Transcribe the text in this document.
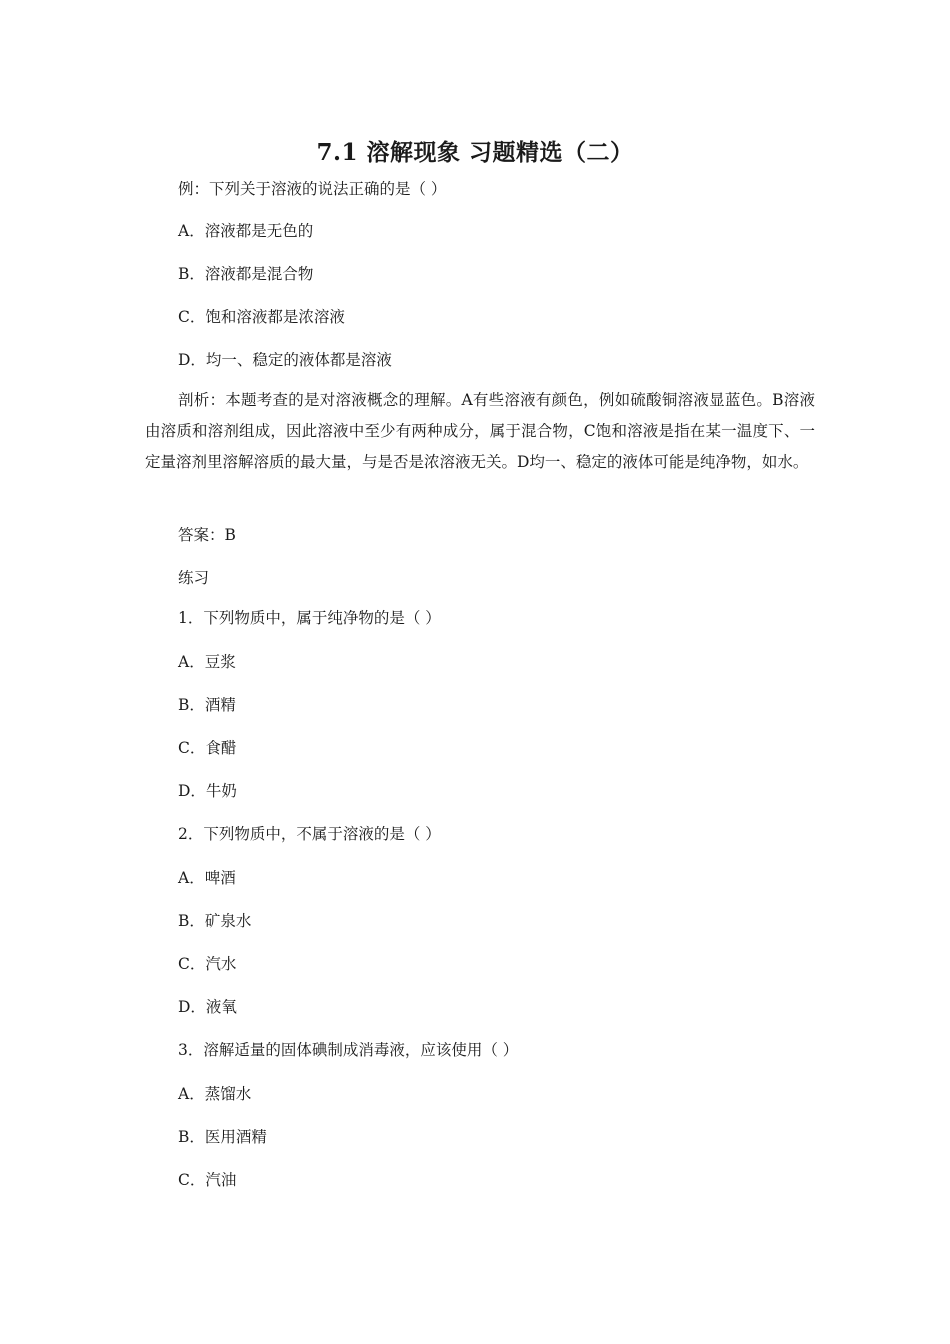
7.1 溶解现象 习题精选（二）
例：下列关于溶液的说法正确的是（ ）
A．溶液都是无色的
B．溶液都是混合物
C．饱和溶液都是浓溶液
D．均一、稳定的液体都是溶液
剖析：本题考查的是对溶液概念的理解。A有些溶液有颜色，例如硫酸铜溶液显蓝色。B溶液由溶质和溶剂组成，因此溶液中至少有两种成分，属于混合物，C饱和溶液是指在某一温度下、一定量溶剂里溶解溶质的最大量，与是否是浓溶液无关。D均一、稳定的液体可能是纯净物，如水。
答案：B
练习
1．下列物质中，属于纯净物的是（ ）
A．豆浆
B．酒精
C．食醋
D．牛奶
2．下列物质中，不属于溶液的是（ ）
A．啤酒
B．矿泉水
C．汽水
D．液氧
3．溶解适量的固体碘制成消毒液，应该使用（ ）
A．蒸馏水
B．医用酒精
C．汽油
